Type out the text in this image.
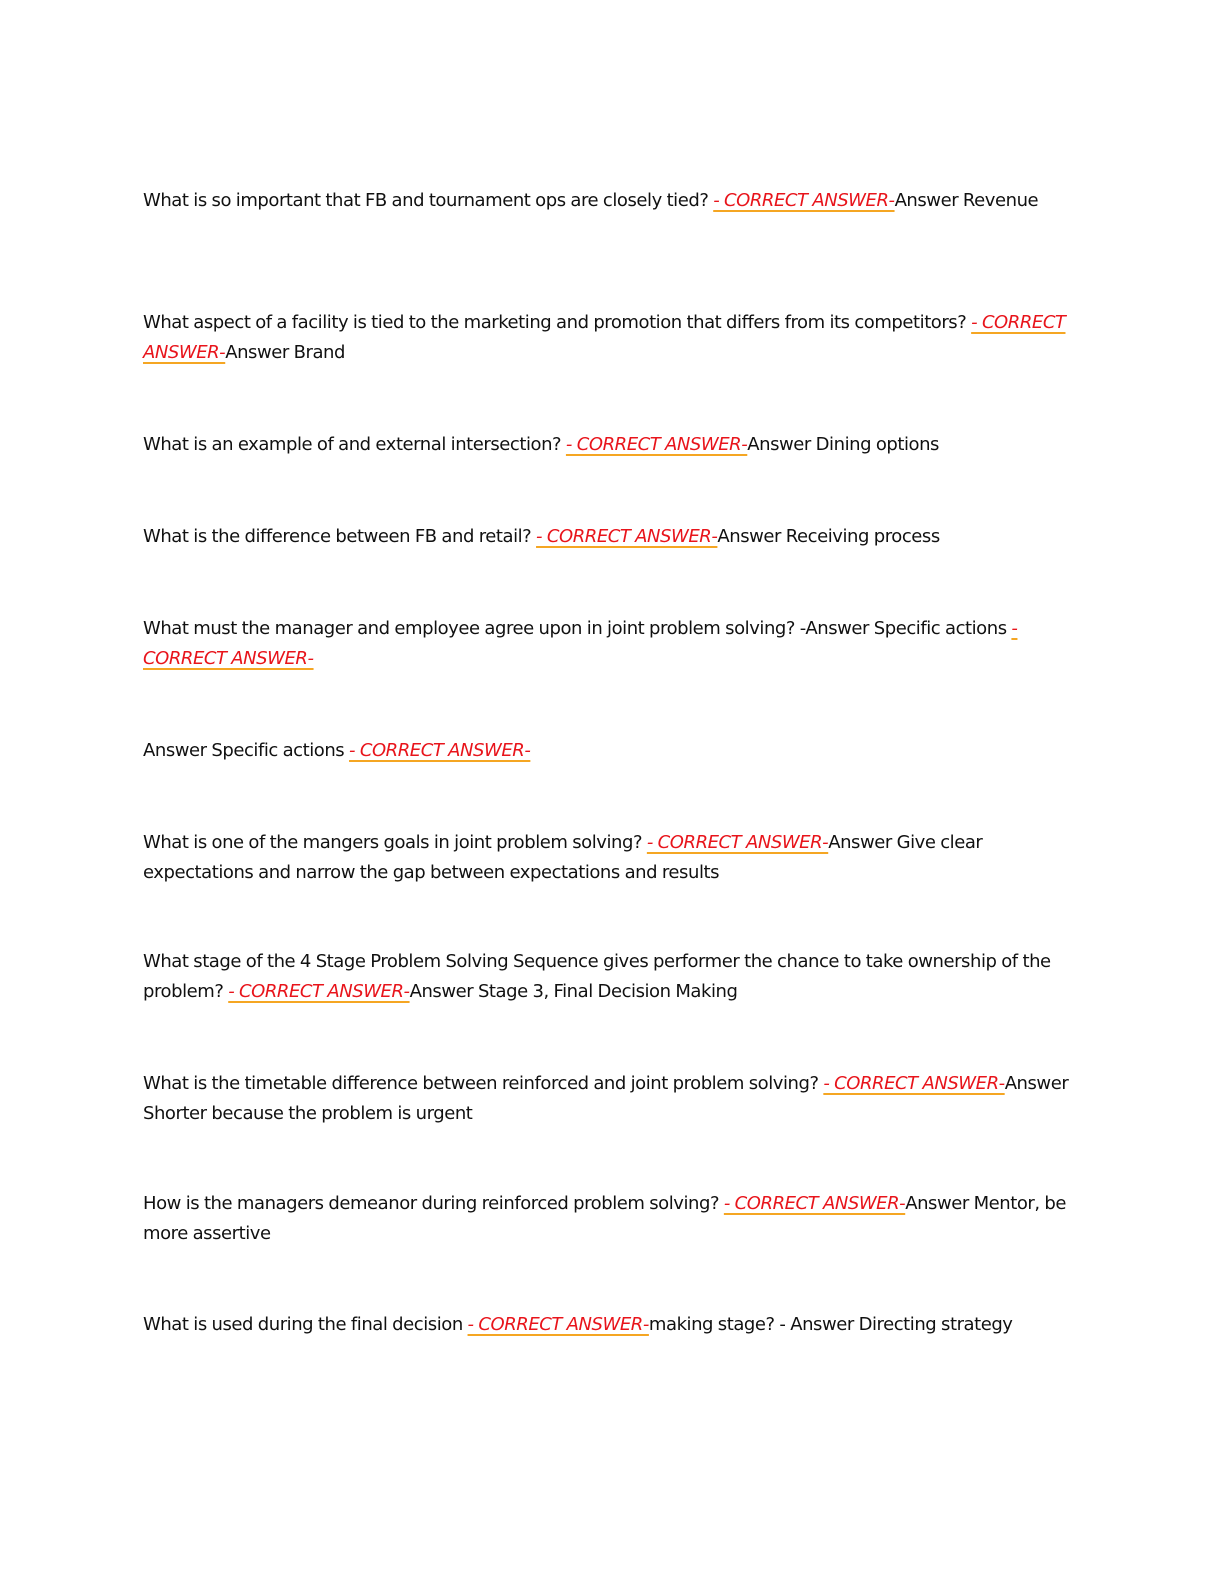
What is so important that FB and tournament ops are closely tied? - CORRECT ANSWER-Answer Revenue

What aspect of a facility is tied to the marketing and promotion that differs from its competitors? - CORRECT ANSWER-Answer Brand

What is an example of and external intersection? - CORRECT ANSWER-Answer Dining options

What is the difference between FB and retail? - CORRECT ANSWER-Answer Receiving process

What must the manager and employee agree upon in joint problem solving? -Answer Specific actions - CORRECT ANSWER-

Answer Specific actions - CORRECT ANSWER-

What is one of the mangers goals in joint problem solving? - CORRECT ANSWER-Answer Give clear expectations and narrow the gap between expectations and results

What stage of the 4 Stage Problem Solving Sequence gives performer the chance to take ownership of the problem? - CORRECT ANSWER-Answer Stage 3, Final Decision Making

What is the timetable difference between reinforced and joint problem solving? - CORRECT ANSWER-Answer Shorter because the problem is urgent

How is the managers demeanor during reinforced problem solving? - CORRECT ANSWER-Answer Mentor, be more assertive

What is used during the final decision - CORRECT ANSWER-making stage? - Answer Directing strategy
